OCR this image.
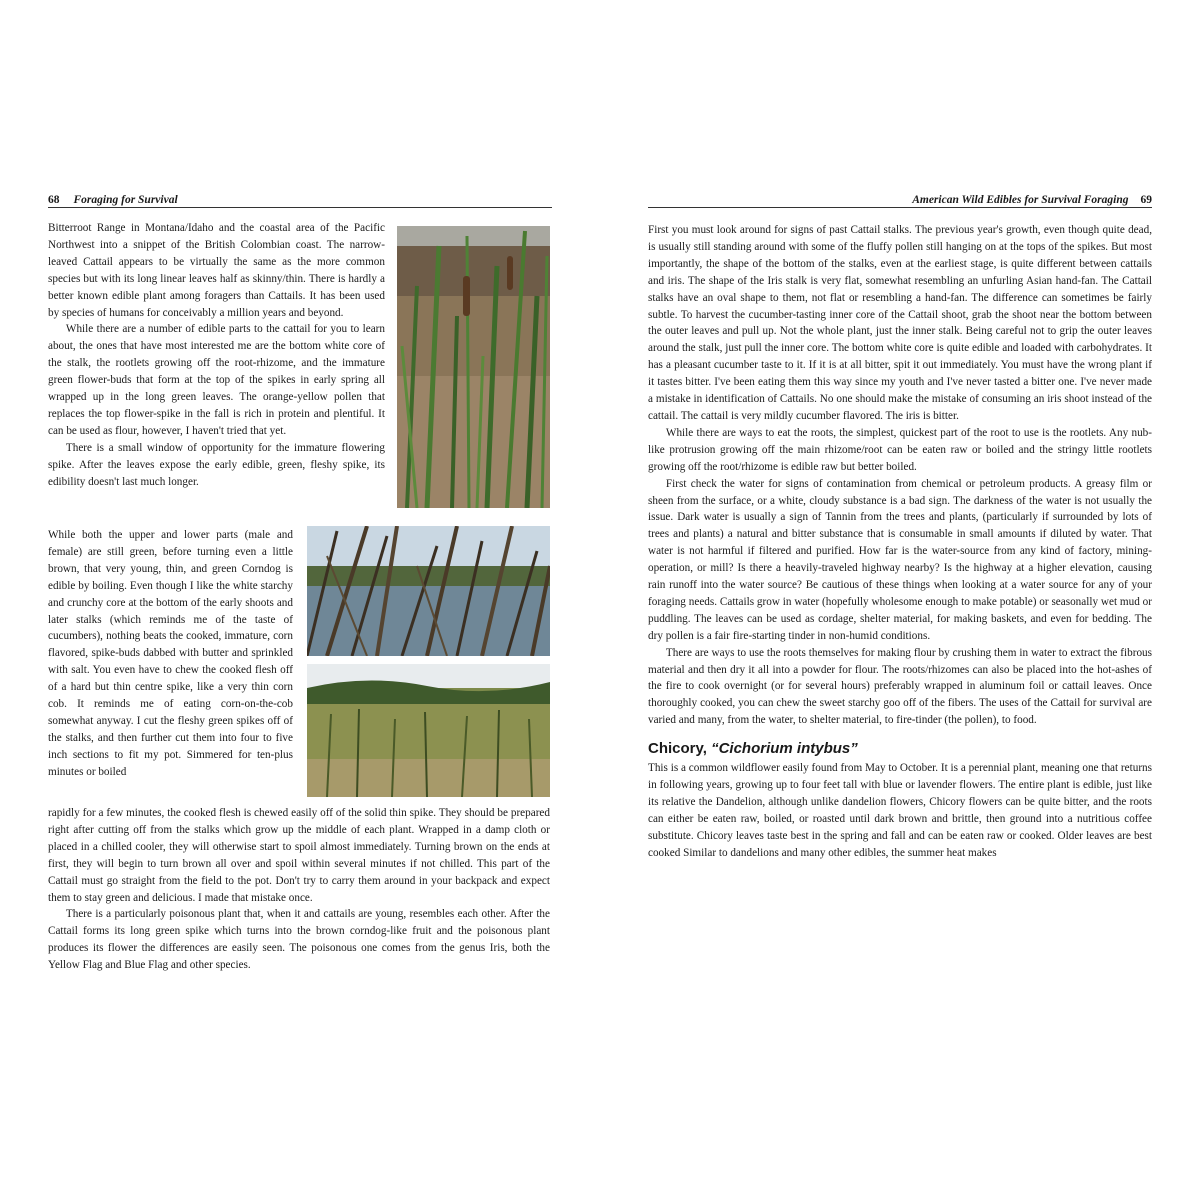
68 Foraging for Survival

Bitterroot Range in Montana/Idaho and the coastal area of the Pacific Northwest into a snippet of the British Colombian coast. The narrow-leaved Cattail appears to be virtually the same as the more common species but with its long linear leaves half as skinny/thin. There is hardly a better known edible plant among foragers than Cattails. It has been used by species of humans for conceivably a million years and beyond.

While there are a number of edible parts to the cattail for you to learn about, the ones that have most interested me are the bottom white core of the stalk, the rootlets growing off the root-rhizome, and the immature green flower-buds that form at the top of the spikes in early spring all wrapped up in the long green leaves. The orange-yellow pollen that replaces the top flower-spike in the fall is rich in protein and plentiful. It can be used as flour, however, I haven't tried that yet.

There is a small window of opportunity for the immature flowering spike. After the leaves expose the early edible, green, fleshy spike, its edibility doesn't last much longer.

While both the upper and lower parts (male and female) are still green, before turning even a little brown, that very young, thin, and green Corndog is edible by boiling. Even though I like the white starchy and crunchy core at the bottom of the early shoots and later stalks (which reminds me of the taste of cucumbers), nothing beats the cooked, immature, corn flavored, spike-buds dabbed with butter and sprinkled with salt. You even have to chew the cooked flesh off of a hard but thin centre spike, like a very thin corn cob. It reminds me of eating corn-on-the-cob somewhat anyway. I cut the fleshy green spikes off of the stalks, and then further cut them into four to five inch sections to fit my pot. Simmered for ten-plus minutes or boiled

rapidly for a few minutes, the cooked flesh is chewed easily off of the solid thin spike. They should be prepared right after cutting off from the stalks which grow up the middle of each plant. Wrapped in a damp cloth or placed in a chilled cooler, they will otherwise start to spoil almost immediately. Turning brown on the ends at first, they will begin to turn brown all over and spoil within several minutes if not chilled. This part of the Cattail must go straight from the field to the pot. Don't try to carry them around in your backpack and expect them to stay green and delicious. I made that mistake once.

There is a particularly poisonous plant that, when it and cattails are young, resembles each other. After the Cattail forms its long green spike which turns into the brown corndog-like fruit and the poisonous plant produces its flower the differences are easily seen. The poisonous one comes from the genus Iris, both the Yellow Flag and Blue Flag and other species.

American Wild Edibles for Survival Foraging 69

First you must look around for signs of past Cattail stalks. The previous year's growth, even though quite dead, is usually still standing around with some of the fluffy pollen still hanging on at the tops of the spikes. But most importantly, the shape of the bottom of the stalks, even at the earliest stage, is quite different between cattails and iris. The shape of the Iris stalk is very flat, somewhat resembling an unfurling Asian hand-fan. The Cattail stalks have an oval shape to them, not flat or resembling a hand-fan. The difference can sometimes be fairly subtle. To harvest the cucumber-tasting inner core of the Cattail shoot, grab the shoot near the bottom between the outer leaves and pull up. Not the whole plant, just the inner stalk. Being careful not to grip the outer leaves around the stalk, just pull the inner core. The bottom white core is quite edible and loaded with carbohydrates. It has a pleasant cucumber taste to it. If it is at all bitter, spit it out immediately. You must have the wrong plant if it tastes bitter. I've been eating them this way since my youth and I've never tasted a bitter one. I've never made a mistake in identification of Cattails. No one should make the mistake of consuming an iris shoot instead of the cattail. The cattail is very mildly cucumber flavored. The iris is bitter.

While there are ways to eat the roots, the simplest, quickest part of the root to use is the rootlets. Any nub-like protrusion growing off the main rhizome/root can be eaten raw or boiled and the stringy little rootlets growing off the root/rhizome is edible raw but better boiled.

First check the water for signs of contamination from chemical or petroleum products. A greasy film or sheen from the surface, or a white, cloudy substance is a bad sign. The darkness of the water is not usually the issue. Dark water is usually a sign of Tannin from the trees and plants, (particularly if surrounded by lots of trees and plants) a natural and bitter substance that is consumable in small amounts if diluted by water. That water is not harmful if filtered and purified. How far is the water-source from any kind of factory, mining-operation, or mill? Is there a heavily-traveled highway nearby? Is the highway at a higher elevation, causing rain runoff into the water source? Be cautious of these things when looking at a water source for any of your foraging needs. Cattails grow in water (hopefully wholesome enough to make potable) or seasonally wet mud or puddling. The leaves can be used as cordage, shelter material, for making baskets, and even for bedding. The dry pollen is a fair fire-starting tinder in non-humid conditions.

There are ways to use the roots themselves for making flour by crushing them in water to extract the fibrous material and then dry it all into a powder for flour. The roots/rhizomes can also be placed into the hot-ashes of the fire to cook overnight (or for several hours) preferably wrapped in aluminum foil or cattail leaves. Once thoroughly cooked, you can chew the sweet starchy goo off of the fibers. The uses of the Cattail for survival are varied and many, from the water, to shelter material, to fire-tinder (the pollen), to food.

Chicory, “Cichorium intybus”

This is a common wildflower easily found from May to October. It is a perennial plant, meaning one that returns in following years, growing up to four feet tall with blue or lavender flowers. The entire plant is edible, just like its relative the Dandelion, although unlike dandelion flowers, Chicory flowers can be quite bitter, and the roots can either be eaten raw, boiled, or roasted until dark brown and brittle, then ground into a nutritious coffee substitute. Chicory leaves taste best in the spring and fall and can be eaten raw or cooked. Older leaves are best cooked Similar to dandelions and many other edibles, the summer heat makes
